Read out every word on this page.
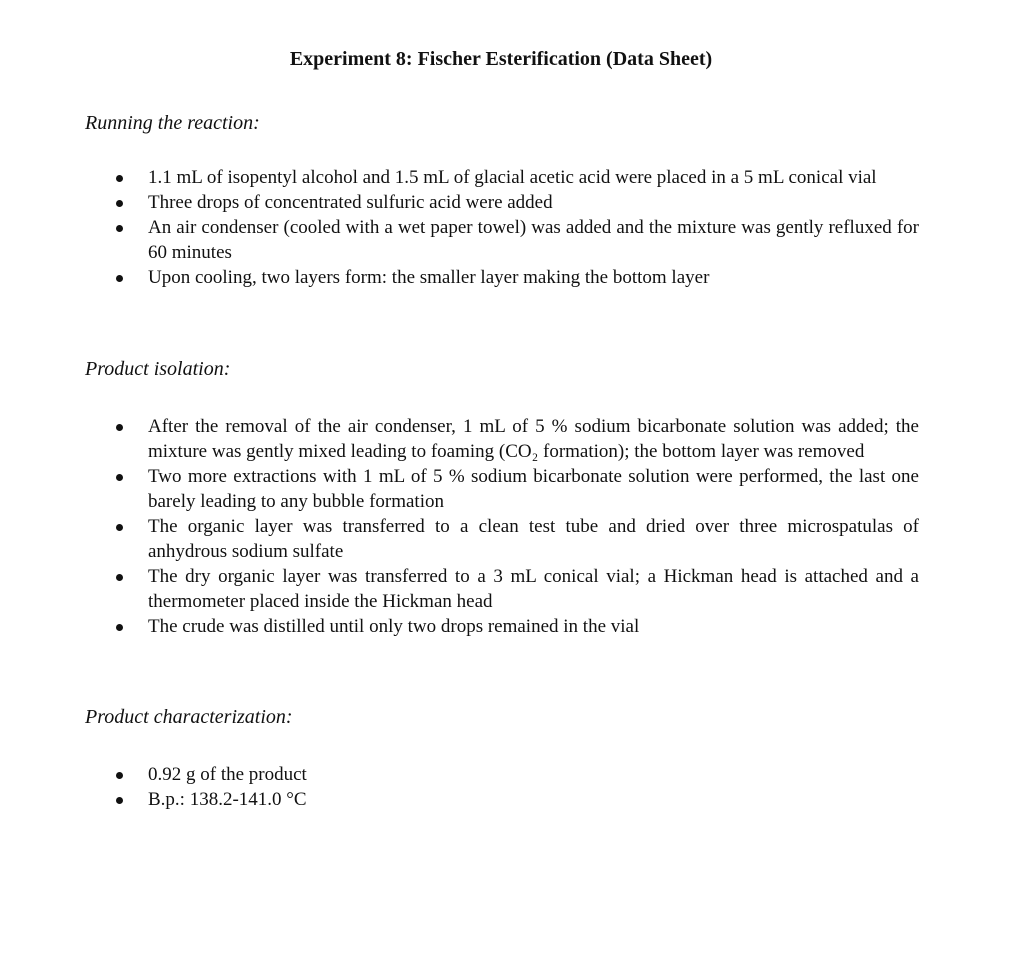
Experiment 8: Fischer Esterification (Data Sheet)

Running the reaction:

1.1 mL of isopentyl alcohol and 1.5 mL of glacial acetic acid were placed in a 5 mL conical vial
Three drops of concentrated sulfuric acid were added
An air condenser (cooled with a wet paper towel) was added and the mixture was gently refluxed for 60 minutes
Upon cooling, two layers form: the smaller layer making the bottom layer

Product isolation:

After the removal of the air condenser, 1 mL of 5 % sodium bicarbonate solution was added; the mixture was gently mixed leading to foaming (CO₂ formation); the bottom layer was removed
Two more extractions with 1 mL of 5 % sodium bicarbonate solution were performed, the last one barely leading to any bubble formation
The organic layer was transferred to a clean test tube and dried over three microspatulas of anhydrous sodium sulfate
The dry organic layer was transferred to a 3 mL conical vial; a Hickman head is attached and a thermometer placed inside the Hickman head
The crude was distilled until only two drops remained in the vial

Product characterization:

0.92 g of the product
B.p.: 138.2-141.0 °C
